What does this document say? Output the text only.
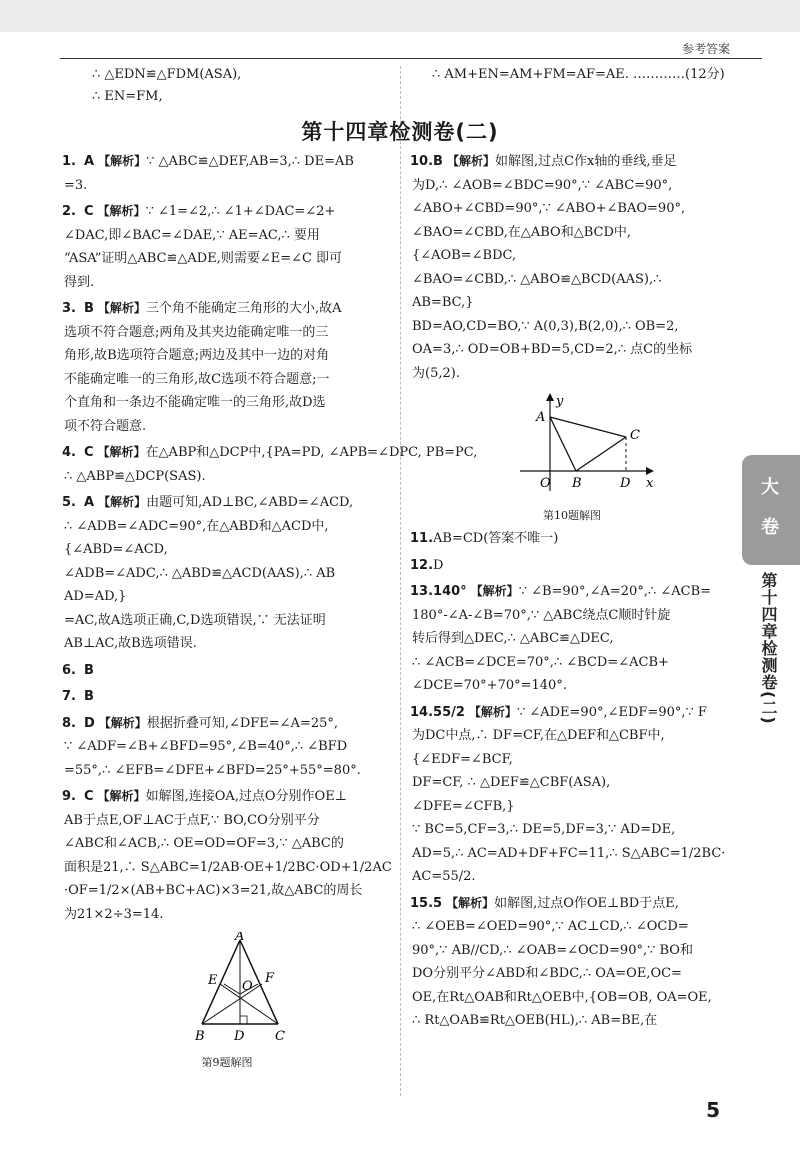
参考答案
∴ △EDN≌△FDM(ASA),
∴ EN=FM,
∴ AM+EN=AM+FM=AF=AE. …………(12分)
第十四章检测卷(二)
1. A 【解析】∵ △ABC≌△DEF,AB=3,∴ DE=AB
=3.
2. C 【解析】∵ ∠1=∠2,∴ ∠1+∠DAC=∠2+
∠DAC,即∠BAC=∠DAE,∵ AE=AC,∴ 要用
“ASA”证明△ABC≌△ADE,则需要∠E=∠C 即可
得到.
3. B 【解析】三个角不能确定三角形的大小,故A
选项不符合题意;两角及其夹边能确定唯一的三
角形,故B选项符合题意;两边及其中一边的对角
不能确定唯一的三角形,故C选项不符合题意;一
个直角和一条边不能确定唯一的三角形,故D选
项不符合题意.
4. C 【解析】在△ABP和△DCP中,{PA=PD, ∠APB=∠DPC, PB=PC,
∴ △ABP≌△DCP(SAS).
5. A 【解析】由题可知,AD⊥BC,∠ABD=∠ACD,
∴ ∠ADB=∠ADC=90°,在△ABD和△ACD中,
{∠ABD=∠ACD,
∠ADB=∠ADC,∴ △ABD≌△ACD(AAS),∴ AB
AD=AD,}
=AC,故A选项正确,C,D选项错误,∵ 无法证明
AB⊥AC,故B选项错误.
6. B
7. B
8. D 【解析】根据折叠可知,∠DFE=∠A=25°,
∵ ∠ADF=∠B+∠BFD=95°,∠B=40°,∴ ∠BFD
=55°,∴ ∠EFB=∠DFE+∠BFD=25°+55°=80°.
9. C 【解析】如解图,连接OA,过点O分别作OE⊥
AB于点E,OF⊥AC于点F,∵ BO,CO分别平分
∠ABC和∠ACB,∴ OE=OD=OF=3,∵ △ABC的
面积是21,∴ S△ABC=1/2AB·OE+1/2BC·OD+1/2AC
·OF=1/2×(AB+BC+AC)×3=21,故△ABC的周长
为21×2÷3=14.
A
E O
F
B D C
第9题解图
10.B 【解析】如解图,过点C作x轴的垂线,垂足
为D,∴ ∠AOB=∠BDC=90°,∵ ∠ABC=90°,
∠ABO+∠CBD=90°,∵ ∠ABO+∠BAO=90°,
∠BAO=∠CBD,在△ABO和△BCD中,
{∠AOB=∠BDC,
∠BAO=∠CBD,∴ △ABO≌△BCD(AAS),∴
AB=BC,}
BD=AO,CD=BO,∵ A(0,3),B(2,0),∴ OB=2,
OA=3,∴ OD=OB+BD=5,CD=2,∴ 点C的坐标
为(5,2).
y
A
C
O B	D x
第10题解图
11.AB=CD(答案不唯一)
12.D
13.140° 【解析】∵ ∠B=90°,∠A=20°,∴ ∠ACB=
180°-∠A-∠B=70°,∵ △ABC绕点C顺时针旋
转后得到△DEC,∴ △ABC≌△DEC,
∴ ∠ACB=∠DCE=70°,∴ ∠BCD=∠ACB+
∠DCE=70°+70°=140°.
14.55/2 【解析】∵ ∠ADE=90°,∠EDF=90°,∵ F
为DC中点,∴ DF=CF,在△DEF和△CBF中,
{∠EDF=∠BCF,
DF=CF, ∴ △DEF≌△CBF(ASA),
∠DFE=∠CFB,}
∵ BC=5,CF=3,∴ DE=5,DF=3,∵ AD=DE,
AD=5,∴ AC=AD+DF+FC=11,∴ S△ABC=1/2BC·
AC=55/2.
15.5 【解析】如解图,过点O作OE⊥BD于点E,
∴ ∠OEB=∠OED=90°,∵ AC⊥CD,∴ ∠OCD=
90°,∵ AB//CD,∴ ∠OAB=∠OCD=90°,∵ BO和
DO分别平分∠ABD和∠BDC,∴ OA=OE,OC=
OE,在Rt△OAB和Rt△OEB中,{OB=OB, OA=OE,
∴ Rt△OAB≌Rt△OEB(HL),∴ AB=BE,在
大
卷
第十四章检测卷(二)
5
